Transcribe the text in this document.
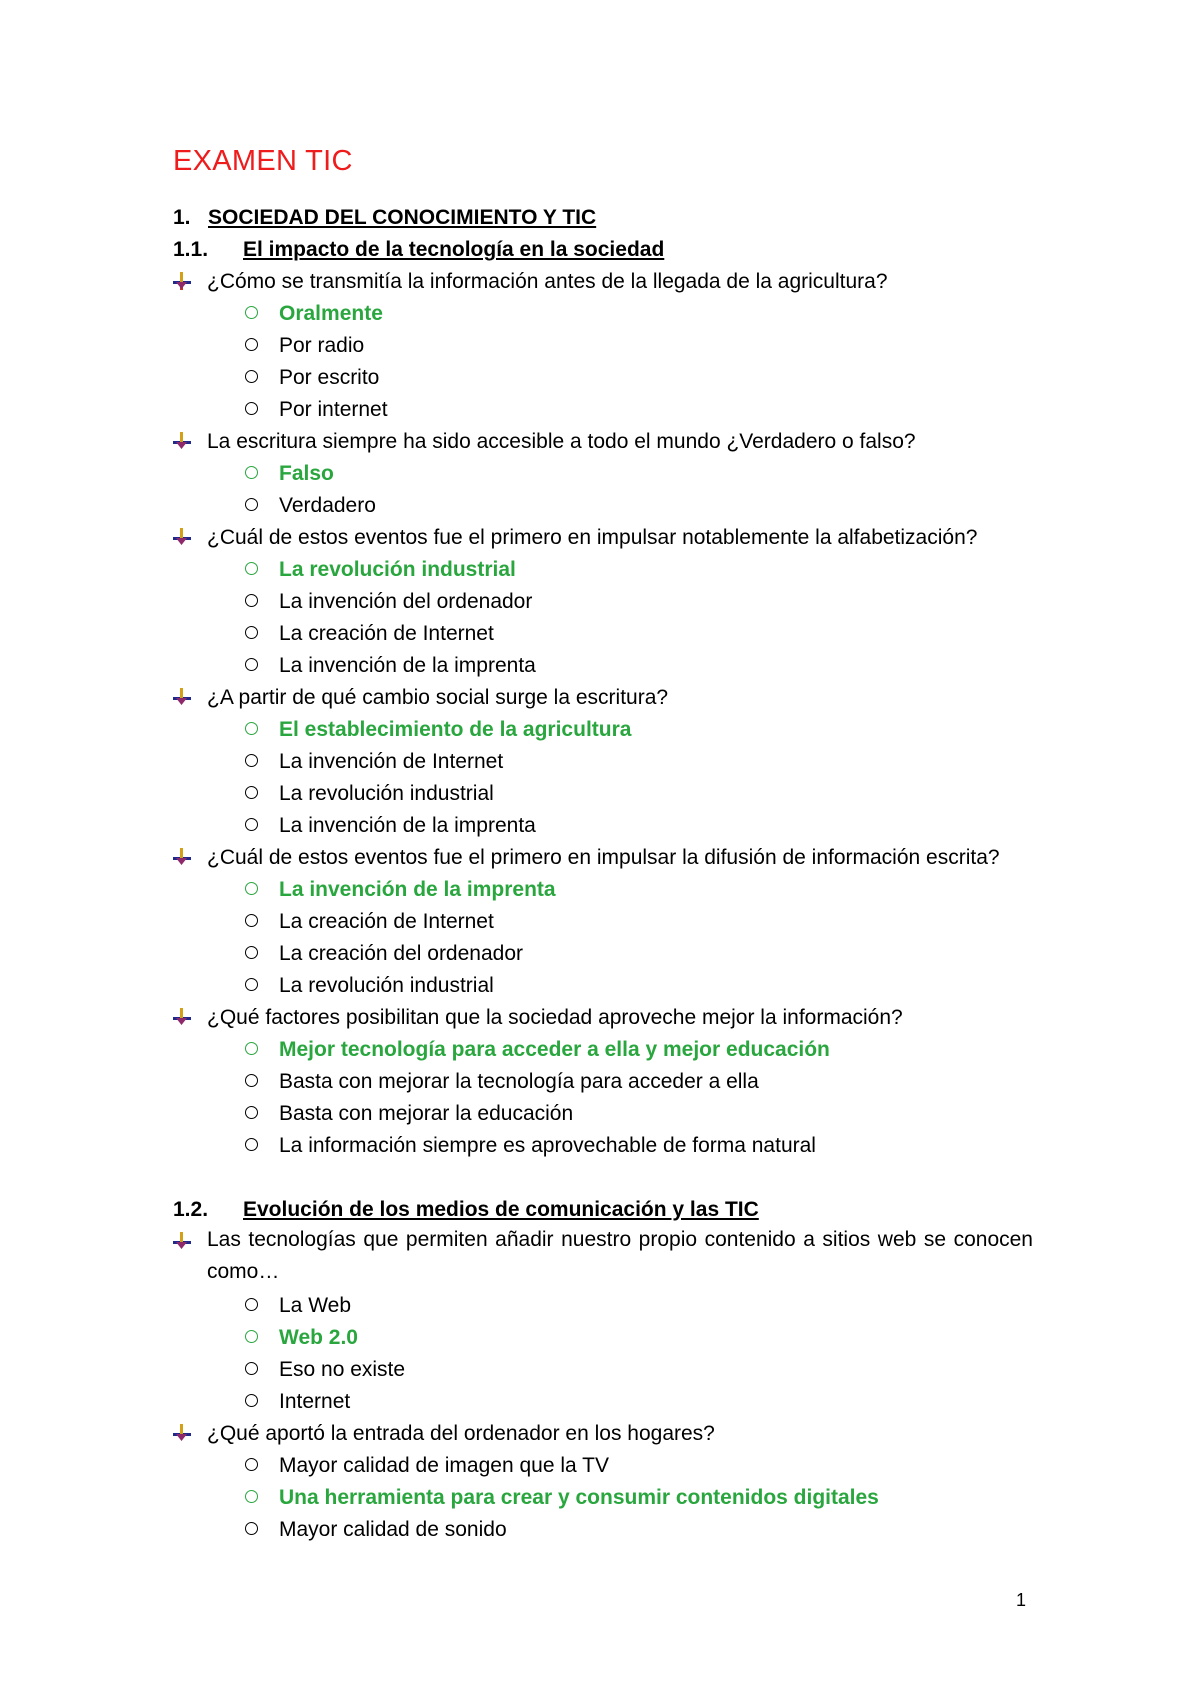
EXAMEN TIC
1. SOCIEDAD DEL CONOCIMIENTO Y TIC
1.1. El impacto de la tecnología en la sociedad
¿Cómo se transmitía la información antes de la llegada de la agricultura?
Oralmente
Por radio
Por escrito
Por internet
La escritura siempre ha sido accesible a todo el mundo ¿Verdadero o falso?
Falso
Verdadero
¿Cuál de estos eventos fue el primero en impulsar notablemente la alfabetización?
La revolución industrial
La invención del ordenador
La creación de Internet
La invención de la imprenta
¿A partir de qué cambio social surge la escritura?
El establecimiento de la agricultura
La invención de Internet
La revolución industrial
La invención de la imprenta
¿Cuál de estos eventos fue el primero en impulsar la difusión de información escrita?
La invención de la imprenta
La creación de Internet
La creación del ordenador
La revolución industrial
¿Qué factores posibilitan que la sociedad aproveche mejor la información?
Mejor tecnología para acceder a ella y mejor educación
Basta con mejorar la tecnología para acceder a ella
Basta con mejorar la educación
La información siempre es aprovechable de forma natural
1.2. Evolución de los medios de comunicación y las TIC
Las tecnologías que permiten añadir nuestro propio contenido a sitios web se conocen como…
La Web
Web 2.0
Eso no existe
Internet
¿Qué aportó la entrada del ordenador en los hogares?
Mayor calidad de imagen que la TV
Una herramienta para crear y consumir contenidos digitales
Mayor calidad de sonido
1
